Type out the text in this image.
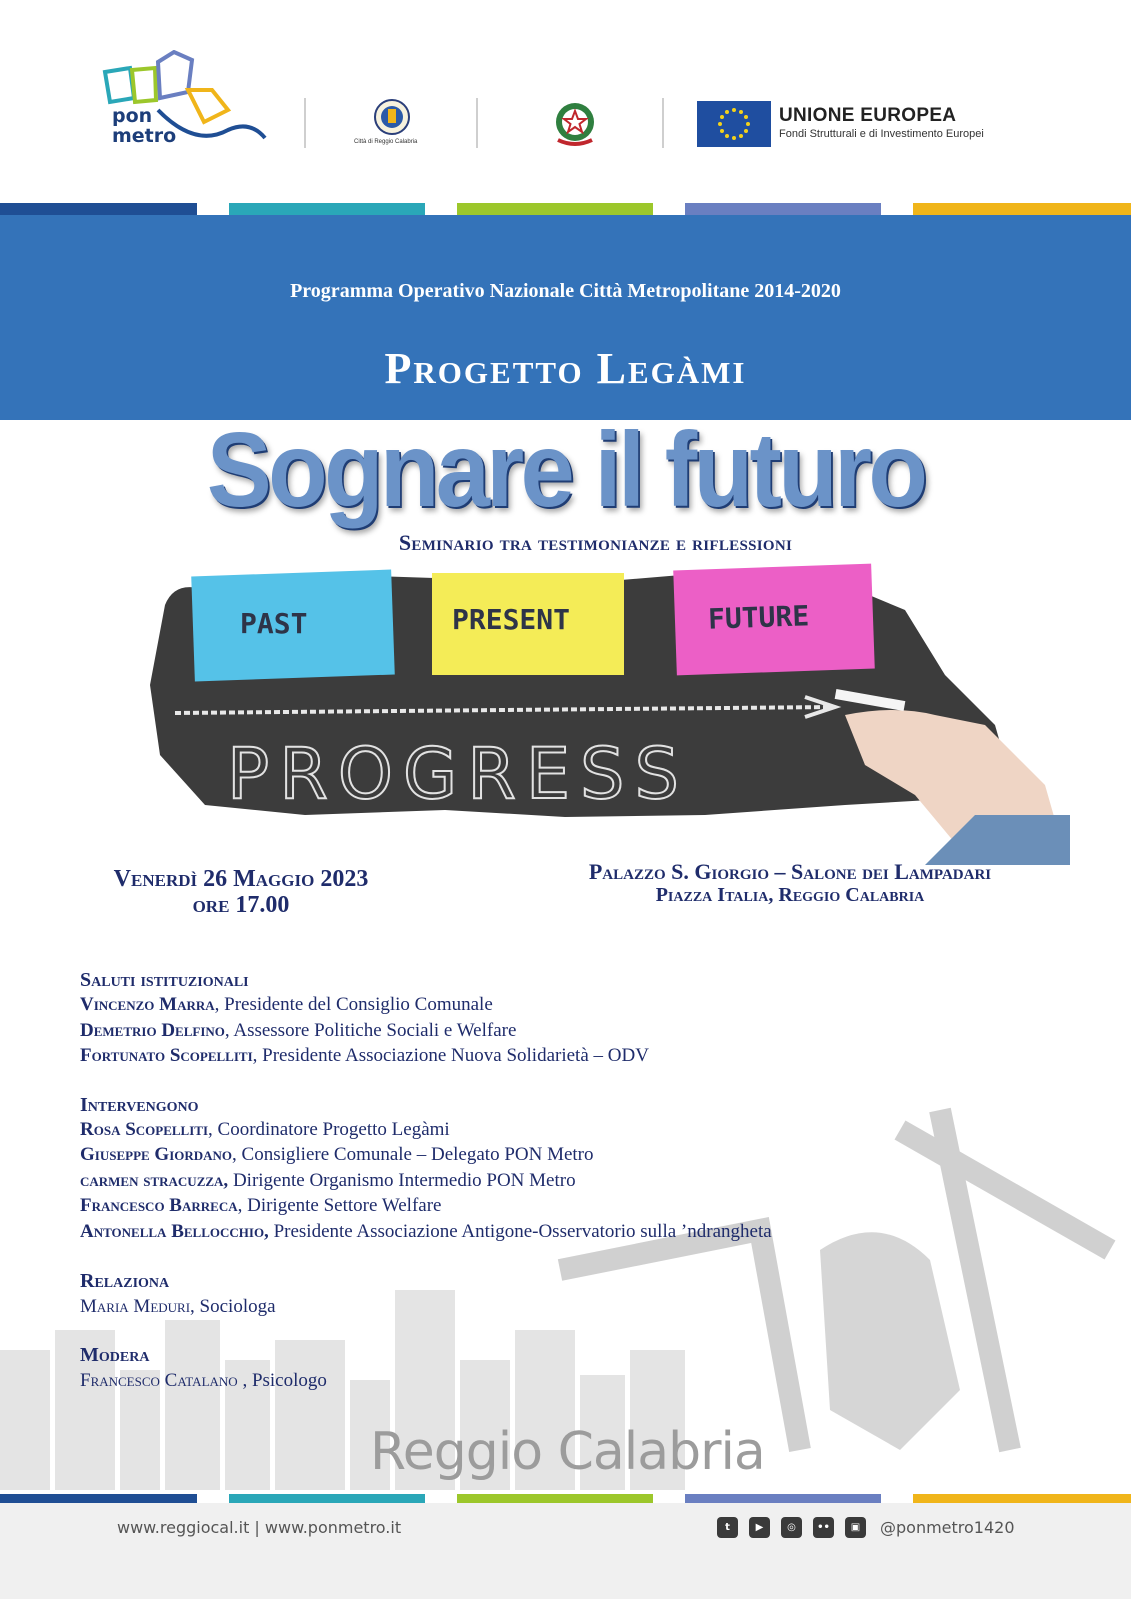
pon
metro	Città di Reggio Calabria
UNIONE EUROPEA
Fondi Strutturali e di Investimento Europei
Programma Operativo Nazionale Città Metropolitane 2014-2020
Progetto Legàmi
Sognare il futuro
Seminario tra testimonianze e riflessioni
PAST	PRESENT	FUTURE
PROGRESS
Venerdì 26 Maggio 2023
ore 17.00
Palazzo S. Giorgio – Salone dei Lampadari
Piazza Italia, Reggio Calabria
Reggio Calabria
Saluti istituzionali
Vincenzo Marra, Presidente del Consiglio Comunale
Demetrio Delfino, Assessore Politiche Sociali e Welfare
Fortunato Scopelliti, Presidente Associazione Nuova Solidarietà – ODV
Intervengono
Rosa Scopelliti, Coordinatore Progetto Legàmi
Giuseppe Giordano, Consigliere Comunale – Delegato PON Metro
carmen stracuzza, Dirigente Organismo Intermedio PON Metro
Francesco Barreca, Dirigente Settore Welfare
Antonella Bellocchio, Presidente Associazione Antigone-Osservatorio sulla ’ndrangheta
Relaziona
Maria Meduri, Sociologa
Modera
Francesco Catalano , Psicologo
www.reggiocal.it | www.ponmetro.it	t	▶	◎	••	▣	@ponmetro1420
